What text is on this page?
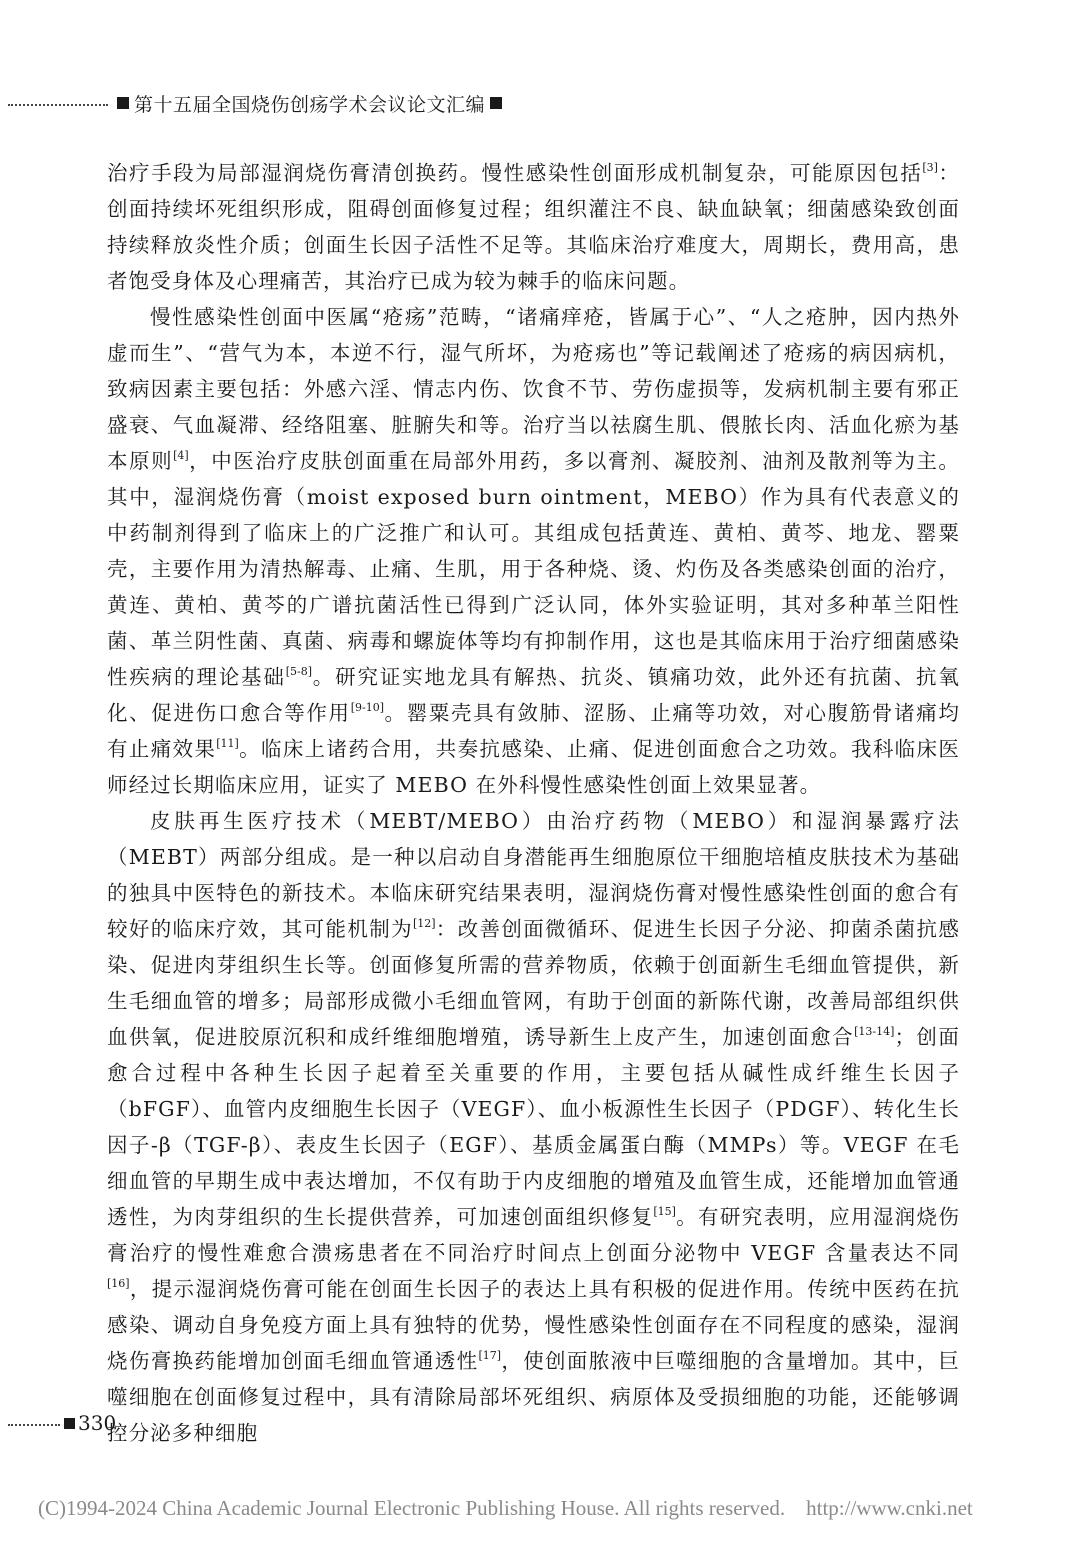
第十五届全国烧伤创疡学术会议论文汇编

治疗手段为局部湿润烧伤膏清创换药。慢性感染性创面形成机制复杂，可能原因包括[3]：创面持续坏死组织形成，阻碍创面修复过程；组织灌注不良、缺血缺氧；细菌感染致创面持续释放炎性介质；创面生长因子活性不足等。其临床治疗难度大，周期长，费用高，患者饱受身体及心理痛苦，其治疗已成为较为棘手的临床问题。

慢性感染性创面中医属“疮疡”范畴，“诸痛痒疮，皆属于心”、“人之疮肿，因内热外虚而生”、“营气为本，本逆不行，湿气所坏，为疮疡也”等记载阐述了疮疡的病因病机，致病因素主要包括：外感六淫、情志内伤、饮食不节、劳伤虚损等，发病机制主要有邪正盛衰、气血凝滞、经络阻塞、脏腑失和等。治疗当以祛腐生肌、偎脓长肉、活血化瘀为基本原则[4]，中医治疗皮肤创面重在局部外用药，多以膏剂、凝胶剂、油剂及散剂等为主。其中，湿润烧伤膏（moist exposed burn ointment，MEBO）作为具有代表意义的中药制剂得到了临床上的广泛推广和认可。其组成包括黄连、黄柏、黄芩、地龙、罂粟壳，主要作用为清热解毒、止痛、生肌，用于各种烧、烫、灼伤及各类感染创面的治疗，黄连、黄柏、黄芩的广谱抗菌活性已得到广泛认同，体外实验证明，其对多种革兰阳性菌、革兰阴性菌、真菌、病毒和螺旋体等均有抑制作用，这也是其临床用于治疗细菌感染性疾病的理论基础[5-8]。研究证实地龙具有解热、抗炎、镇痛功效，此外还有抗菌、抗氧化、促进伤口愈合等作用[9-10]。罂粟壳具有敛肺、涩肠、止痛等功效，对心腹筋骨诸痛均有止痛效果[11]。临床上诸药合用，共奏抗感染、止痛、促进创面愈合之功效。我科临床医师经过长期临床应用，证实了 MEBO 在外科慢性感染性创面上效果显著。

皮肤再生医疗技术（MEBT/MEBO）由治疗药物（MEBO）和湿润暴露疗法（MEBT）两部分组成。是一种以启动自身潜能再生细胞原位干细胞培植皮肤技术为基础的独具中医特色的新技术。本临床研究结果表明，湿润烧伤膏对慢性感染性创面的愈合有较好的临床疗效，其可能机制为[12]：改善创面微循环、促进生长因子分泌、抑菌杀菌抗感染、促进肉芽组织生长等。创面修复所需的营养物质，依赖于创面新生毛细血管提供，新生毛细血管的增多；局部形成微小毛细血管网，有助于创面的新陈代谢，改善局部组织供血供氧，促进胶原沉积和成纤维细胞增殖，诱导新生上皮产生，加速创面愈合[13-14]；创面愈合过程中各种生长因子起着至关重要的作用，主要包括从碱性成纤维生长因子（bFGF）、血管内皮细胞生长因子（VEGF）、血小板源性生长因子（PDGF）、转化生长因子-β（TGF-β）、表皮生长因子（EGF）、基质金属蛋白酶（MMPs）等。VEGF 在毛细血管的早期生成中表达增加，不仅有助于内皮细胞的增殖及血管生成，还能增加血管通透性，为肉芽组织的生长提供营养，可加速创面组织修复[15]。有研究表明，应用湿润烧伤膏治疗的慢性难愈合溃疡患者在不同治疗时间点上创面分泌物中 VEGF 含量表达不同[16]，提示湿润烧伤膏可能在创面生长因子的表达上具有积极的促进作用。传统中医药在抗感染、调动自身免疫方面上具有独特的优势，慢性感染性创面存在不同程度的感染，湿润烧伤膏换药能增加创面毛细血管通透性[17]，使创面脓液中巨噬细胞的含量增加。其中，巨噬细胞在创面修复过程中，具有清除局部坏死组织、病原体及受损细胞的功能，还能够调控分泌多种细胞

330
(C)1994-2024 China Academic Journal Electronic Publishing House. All rights reserved.    http://www.cnki.net
